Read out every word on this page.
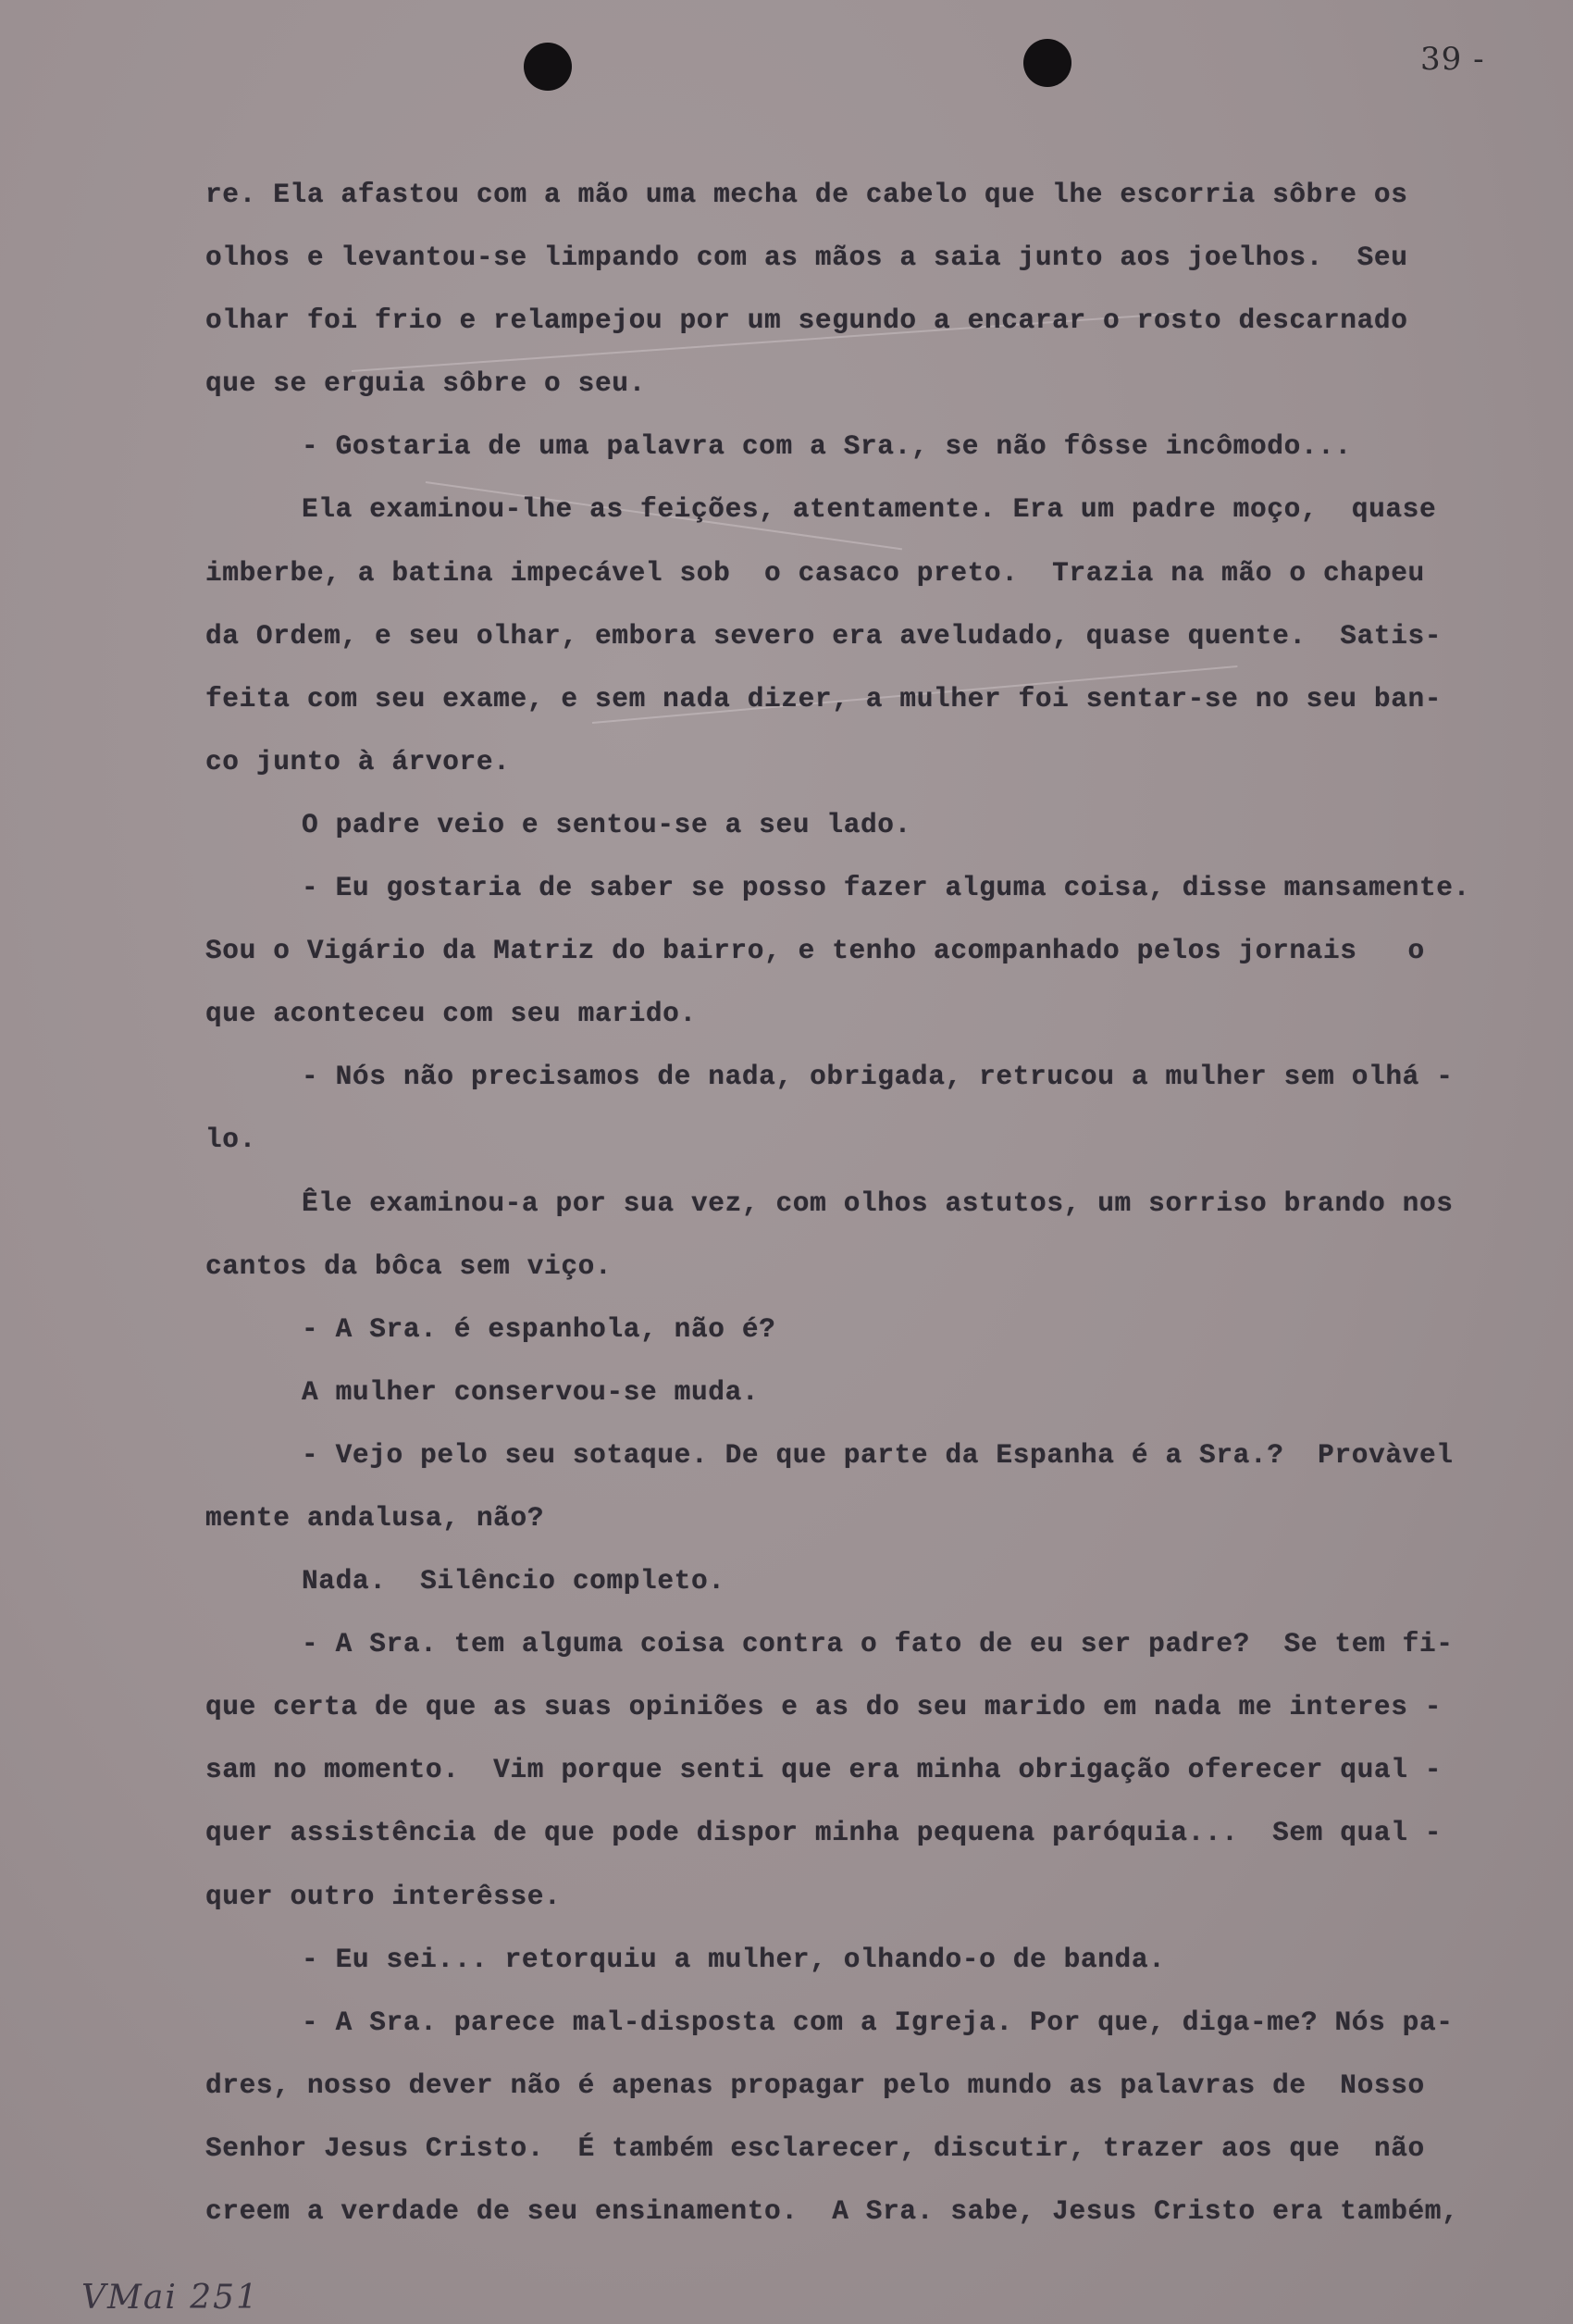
39 -
re. Ela afastou com a mão uma mecha de cabelo que lhe escorria sôbre os
olhos e levantou-se limpando com as mãos a saia junto aos joelhos.  Seu
olhar foi frio e relampejou por um segundo a encarar o rosto descarnado
que se erguia sôbre o seu.
- Gostaria de uma palavra com a Sra., se não fôsse incômodo...
Ela examinou-lhe as feições, atentamente. Era um padre moço,  quase
imberbe, a batina impecável sob  o casaco preto.  Trazia na mão o chapeu
da Ordem, e seu olhar, embora severo era aveludado, quase quente.  Satis-
feita com seu exame, e sem nada dizer, a mulher foi sentar-se no seu ban-
co junto à árvore.
O padre veio e sentou-se a seu lado.
- Eu gostaria de saber se posso fazer alguma coisa, disse mansamente.
Sou o Vigário da Matriz do bairro, e tenho acompanhado pelos jornais   o
que aconteceu com seu marido.
- Nós não precisamos de nada, obrigada, retrucou a mulher sem olhá -
lo.
Êle examinou-a por sua vez, com olhos astutos, um sorriso brando nos
cantos da bôca sem viço.
- A Sra. é espanhola, não é?
A mulher conservou-se muda.
- Vejo pelo seu sotaque. De que parte da Espanha é a Sra.?  Provàvel
mente andalusa, não?
Nada.  Silêncio completo.
- A Sra. tem alguma coisa contra o fato de eu ser padre?  Se tem fi-
que certa de que as suas opiniões e as do seu marido em nada me interes -
sam no momento.  Vim porque senti que era minha obrigação oferecer qual -
quer assistência de que pode dispor minha pequena paróquia...  Sem qual -
quer outro interêsse.
- Eu sei... retorquiu a mulher, olhando-o de banda.
- A Sra. parece mal-disposta com a Igreja. Por que, diga-me? Nós pa-
dres, nosso dever não é apenas propagar pelo mundo as palavras de  Nosso
Senhor Jesus Cristo.  É também esclarecer, discutir, trazer aos que  não
creem a verdade de seu ensinamento.  A Sra. sabe, Jesus Cristo era também,
VMai 251
